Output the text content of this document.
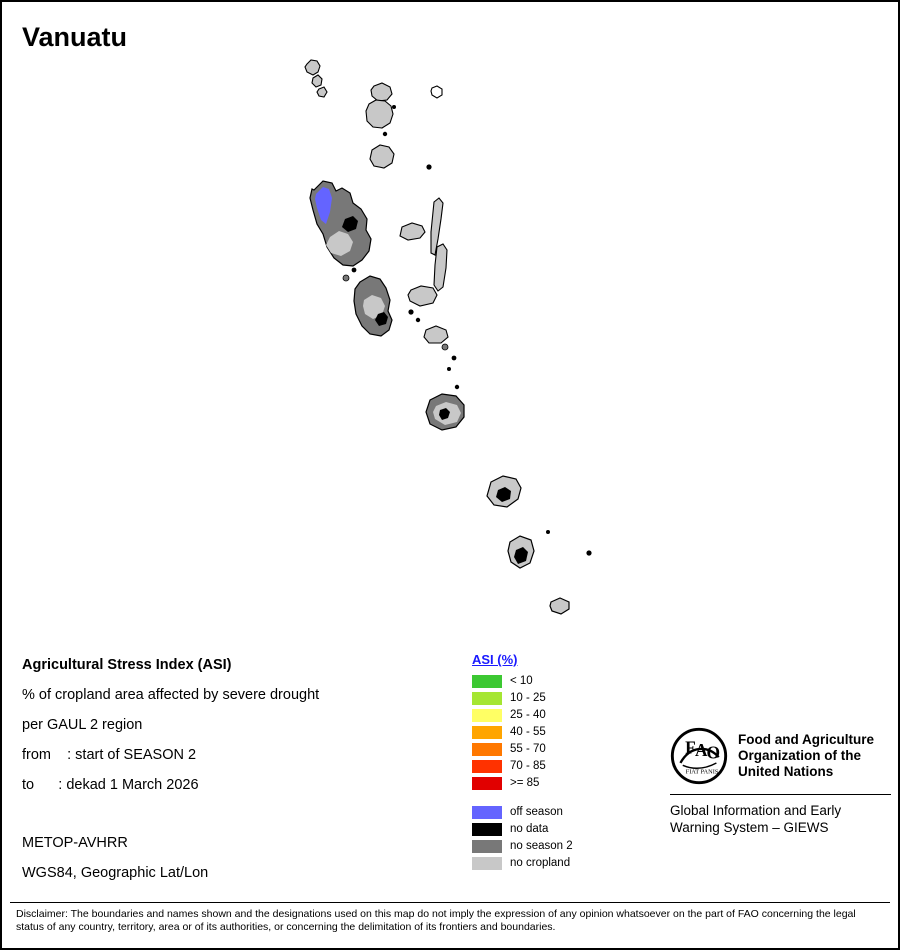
Vanuatu
Agricultural Stress Index (ASI)
% of cropland area affected by severe drought
per GAUL 2 region
from    : start of SEASON 2
to      : dekad 1 March 2026
METOP-AVHRR
WGS84, Geographic Lat/Lon
ASI (%)
< 10
10 - 25
25 - 40
40 - 55
55 - 70
70 - 85
>= 85
off season
no data
no season 2
no cropland
F A O
FIAT PANIS
Food and Agriculture
Organization of the
United Nations
Global Information and Early
Warning System – GIEWS
Disclaimer: The boundaries and names shown and the designations used on this map do not imply the expression of any opinion whatsoever on the part of FAO concerning the legal status of any country, territory, area or of its authorities, or concerning the delimitation of its frontiers and boundaries.
